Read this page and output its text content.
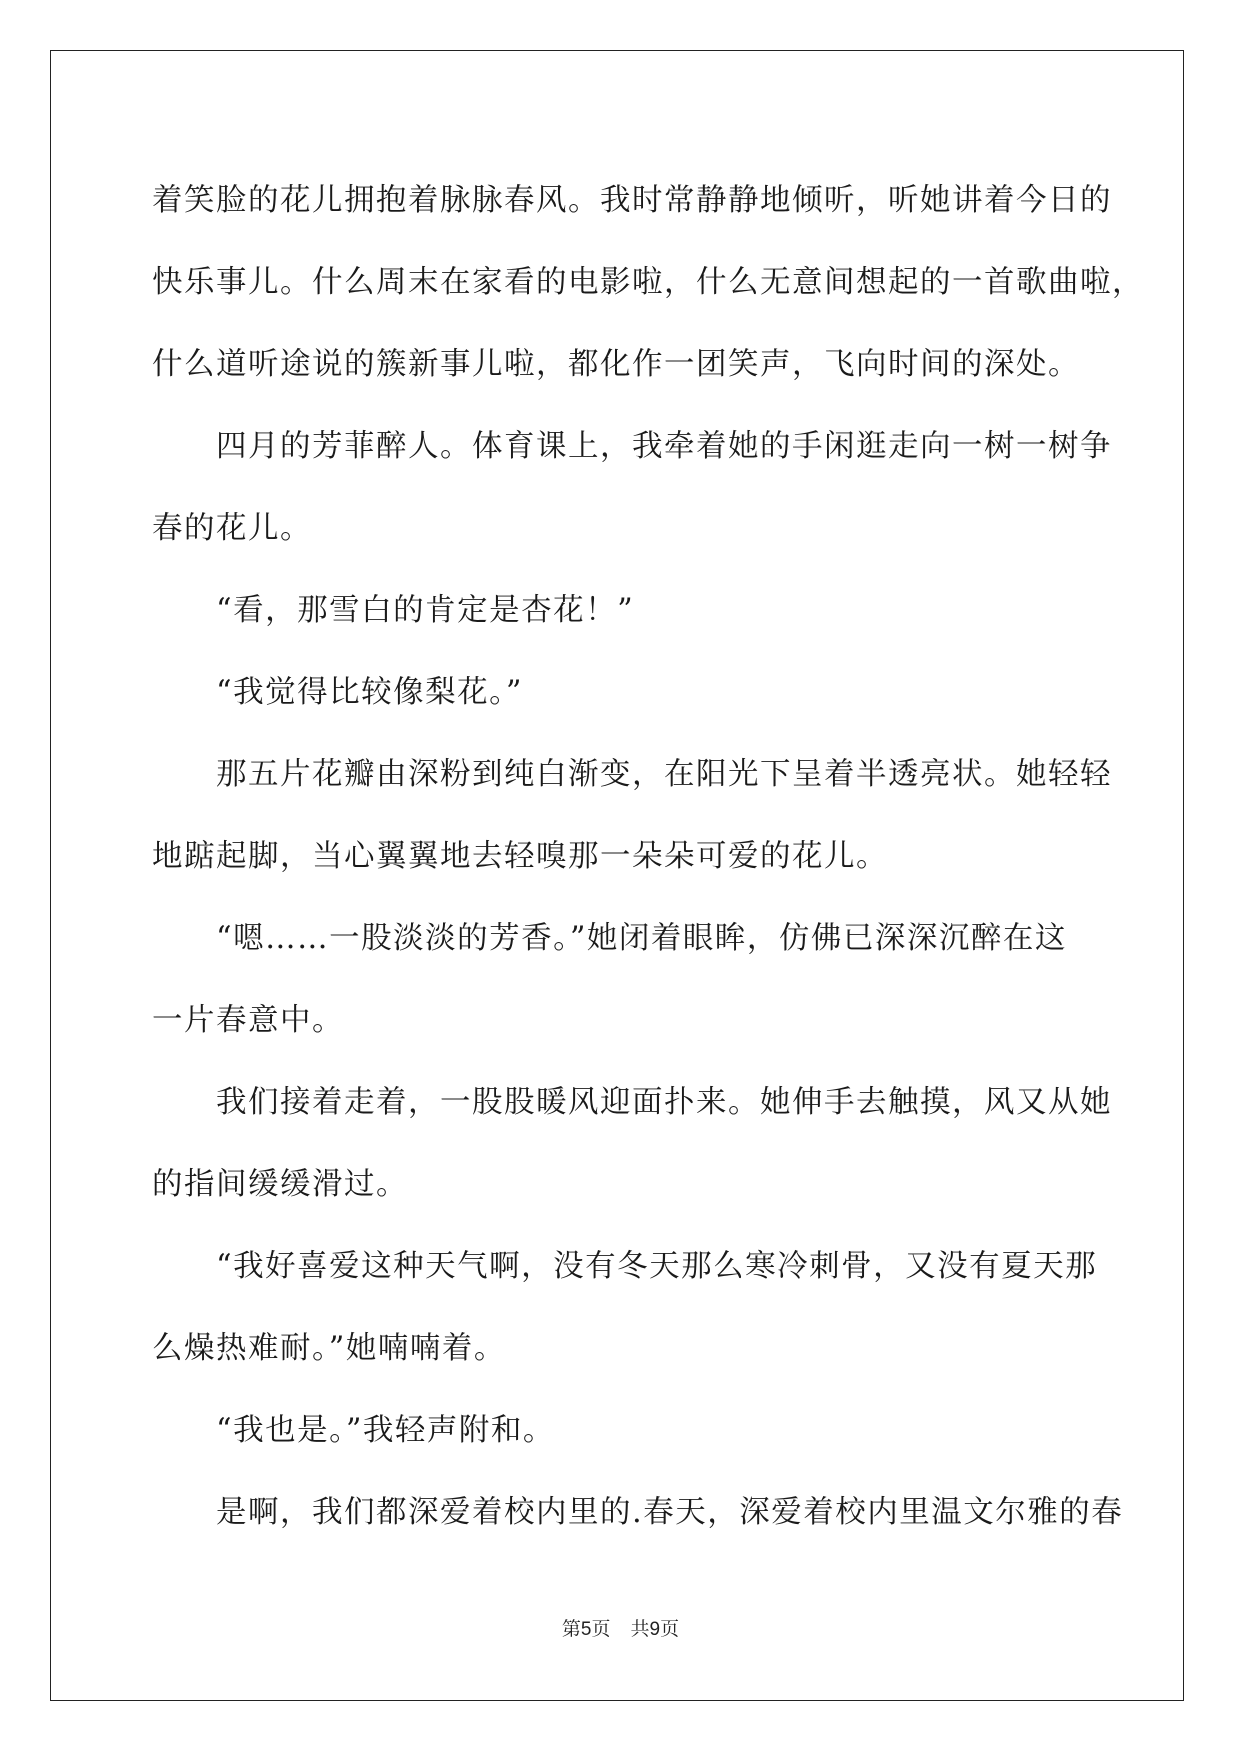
着笑脸的花儿拥抱着脉脉春风。我时常静静地倾听，听她讲着今日的
快乐事儿。什么周末在家看的电影啦，什么无意间想起的一首歌曲啦，
什么道听途说的簇新事儿啦，都化作一团笑声，飞向时间的深处。
　　四月的芳菲醉人。体育课上，我牵着她的手闲逛走向一树一树争
春的花儿。
　　“看，那雪白的肯定是杏花！”
　　“我觉得比较像梨花。”
　　那五片花瓣由深粉到纯白渐变，在阳光下呈着半透亮状。她轻轻
地踮起脚，当心翼翼地去轻嗅那一朵朵可爱的花儿。
　　“嗯……一股淡淡的芳香。”她闭着眼眸，仿佛已深深沉醉在这
一片春意中。
　　我们接着走着，一股股暖风迎面扑来。她伸手去触摸，风又从她
的指间缓缓滑过。
　　“我好喜爱这种天气啊，没有冬天那么寒冷刺骨，又没有夏天那
么燥热难耐。”她喃喃着。
　　“我也是。”我轻声附和。
　　是啊，我们都深爱着校内里的.春天，深爱着校内里温文尔雅的春
第5页 共9页
